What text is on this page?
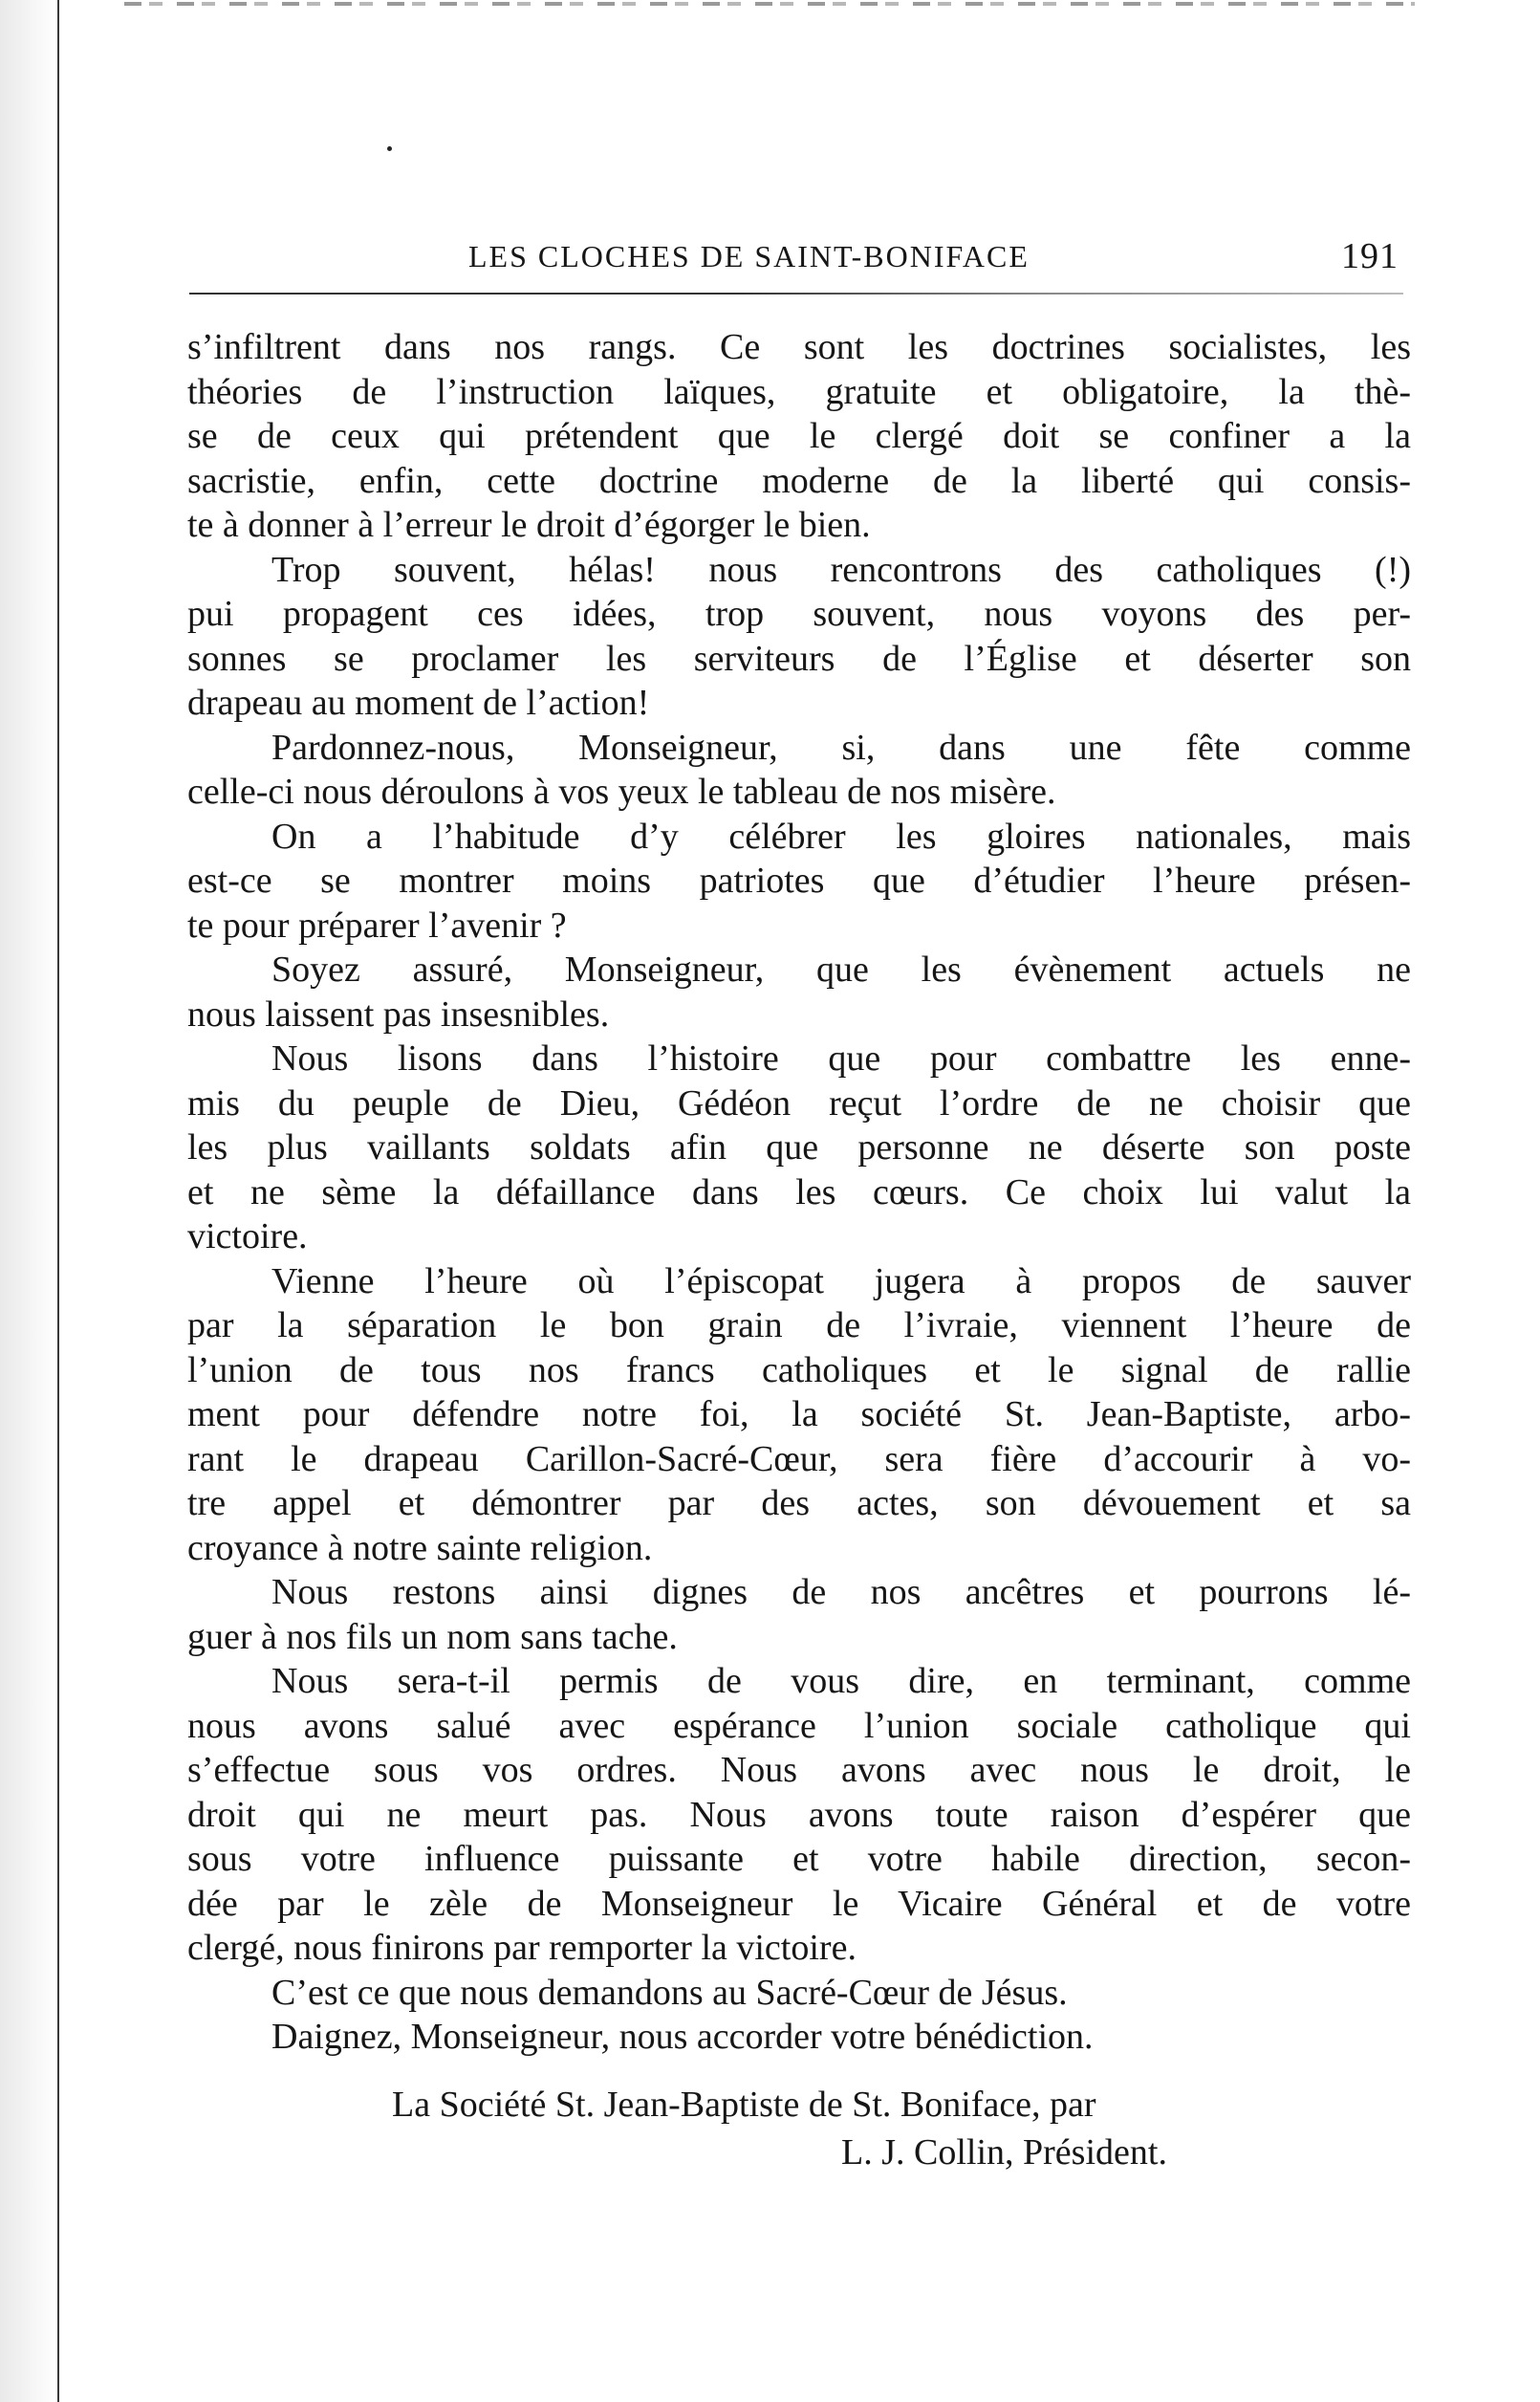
LES CLOCHES DE SAINT-BONIFACE	191
s’infiltrent dans nos rangs. Ce sont les doctrines socialistes, les
théories de l’instruction laïques, gratuite et obligatoire, la thè-
se de ceux qui prétendent que le clergé doit se confiner a la
sacristie, enfin, cette doctrine moderne de la liberté qui consis-
te à donner à l’erreur le droit d’égorger le bien.
Trop souvent, hélas! nous rencontrons des catholiques (!)
pui propagent ces idées, trop souvent, nous voyons des per-
sonnes se proclamer les serviteurs de l’Église et déserter son
drapeau au moment de l’action!
Pardonnez-nous, Monseigneur, si, dans une fête comme
celle-ci nous déroulons à vos yeux le tableau de nos misère.
On a l’habitude d’y célébrer les gloires nationales, mais
est-ce se montrer moins patriotes que d’étudier l’heure présen-
te pour préparer l’avenir ?
Soyez assuré, Monseigneur, que les évènement actuels ne
nous laissent pas insesnibles.
Nous lisons dans l’histoire que pour combattre les enne-
mis du peuple de Dieu, Gédéon reçut l’ordre de ne choisir que
les plus vaillants soldats afin que personne ne déserte son poste
et ne sème la défaillance dans les cœurs. Ce choix lui valut la
victoire.
Vienne l’heure où l’épiscopat jugera à propos de sauver
par la séparation le bon grain de l’ivraie, viennent l’heure de
l’union de tous nos francs catholiques et le signal de rallie
ment pour défendre notre foi, la société St. Jean-Baptiste, arbo-
rant le drapeau Carillon-Sacré-Cœur, sera fière d’accourir à vo-
tre appel et démontrer par des actes, son dévouement et sa
croyance à notre sainte religion.
Nous restons ainsi dignes de nos ancêtres et pourrons lé-
guer à nos fils un nom sans tache.
Nous sera-t-il permis de vous dire, en terminant, comme
nous avons salué avec espérance l’union sociale catholique qui
s’effectue sous vos ordres. Nous avons avec nous le droit, le
droit qui ne meurt pas. Nous avons toute raison d’espérer que
sous votre influence puissante et votre habile direction, secon-
dée par le zèle de Monseigneur le Vicaire Général et de votre
clergé, nous finirons par remporter la victoire.
C’est ce que nous demandons au Sacré-Cœur de Jésus.
Daignez, Monseigneur, nous accorder votre bénédiction.
La Société St. Jean-Baptiste de St. Boniface, par
L. J. Collin, Président.
